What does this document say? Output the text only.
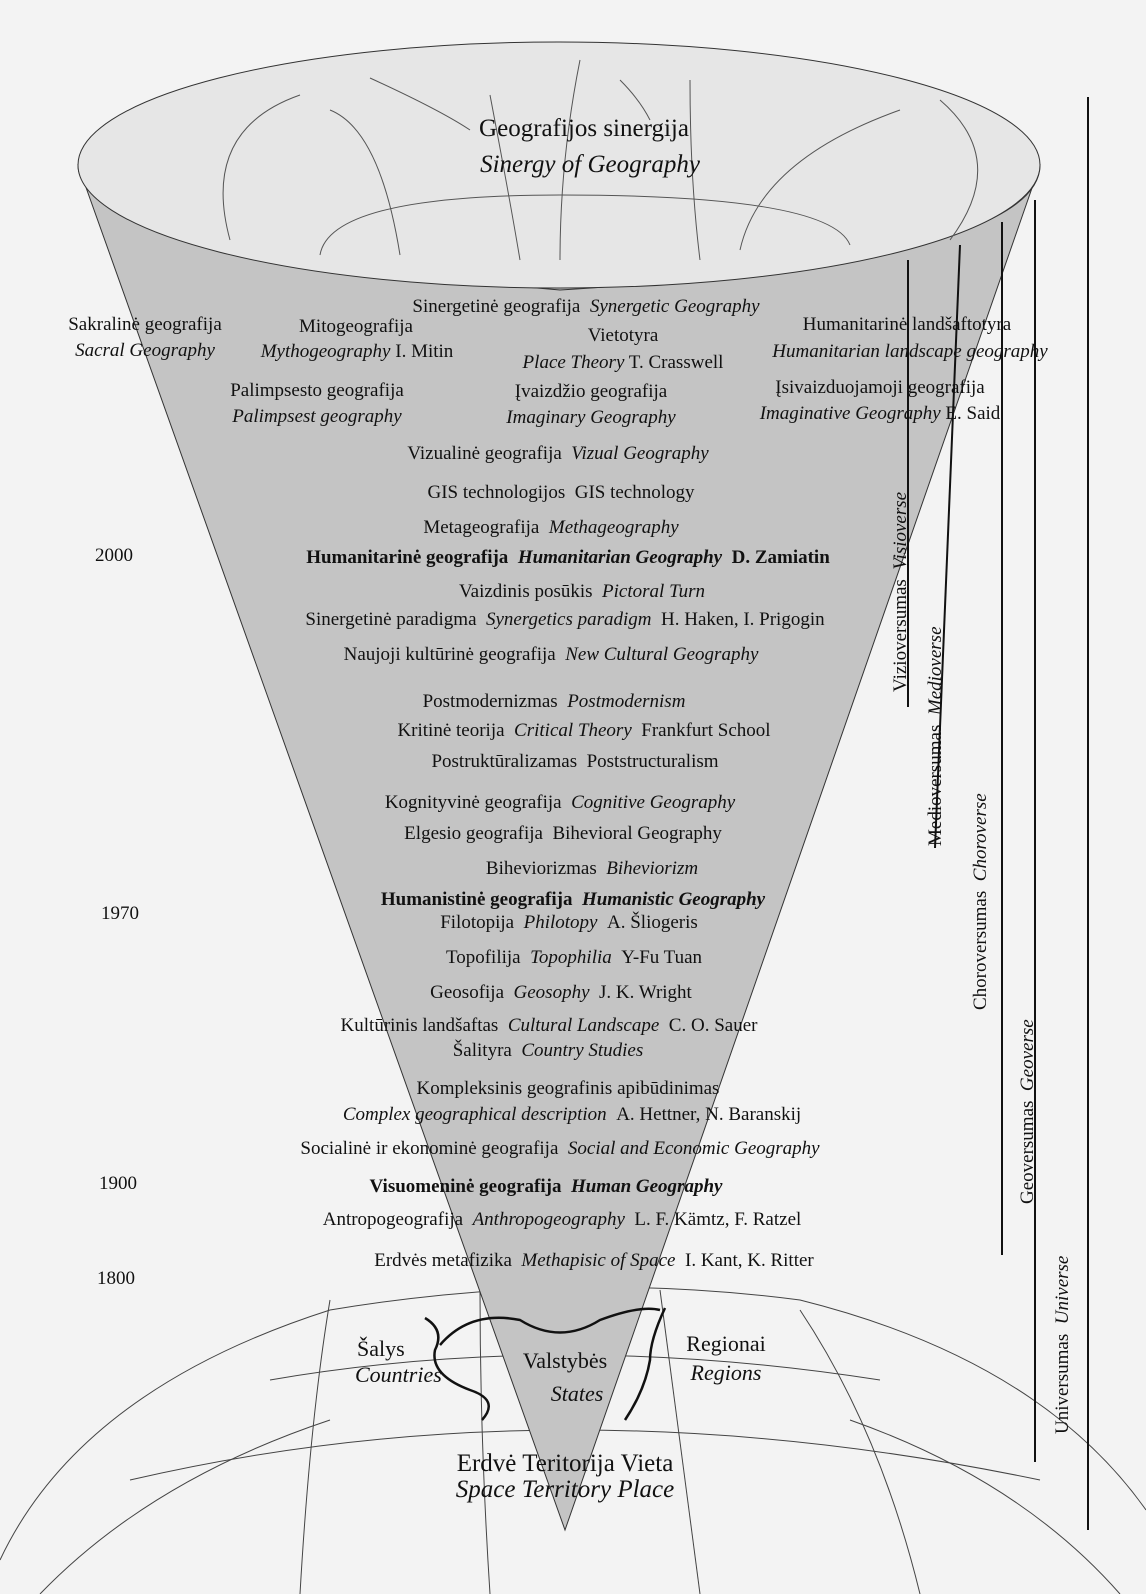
Geografijos sinergija
Sinergy of Geography
Sakralinė geografija
Sacral Geography
Mitogeografija
Mythogeography I. Mitin
Sinergetinė geografija Synergetic Geography
Vietotyra
Place Theory T. Crasswell
Humanitarinė landšaftotyra
Humanitarian landscape geography
Palimpsesto geografija
Palimpsest geography
Įvaizdžio geografija
Imaginary Geography
Įsivaizduojamoji geografija
Imaginative Geography E. Said
Vizualinė geografija Vizual Geography
GIS technologijos GIS technology
Metageografija Methageography
Humanitarinė geografija Humanitarian Geography D. Zamiatin
Vaizdinis posūkis Pictoral Turn
Sinergetinė paradigma Synergetics paradigm H. Haken, I. Prigogin
Naujoji kultūrinė geografija New Cultural Geography
Postmodernizmas Postmodernism
Kritinė teorija Critical Theory Frankfurt School
Postruktūralizamas Poststructuralism
Kognityvinė geografija Cognitive Geography
Elgesio geografija Bihevioral Geography
Biheviorizmas Biheviorizm
Humanistinė geografija Humanistic Geography
Filotopija Philotopy A. Šliogeris
Topofilija Topophilia Y-Fu Tuan
Geosofija Geosophy J. K. Wright
Kultūrinis landšaftas Cultural Landscape C. O. Sauer
Šalityra Country Studies
Kompleksinis geografinis apibūdinimas
Complex geographical description A. Hettner, N. Baranskij
Socialinė ir ekonominė geografija Social and Economic Geography
Visuomeninė geografija Human Geography
Antropogeografija Anthropogeography L. F. Kämtz, F. Ratzel
Erdvės metafizika Methapisic of Space I. Kant, K. Ritter
2000
1970
1900
1800
Šalys
Countries
Valstybės
States
Regionai
Regions
Erdvė Teritorija Vieta
Space Territory Place
Vizioversumas  Visioverse
Medioversumas  Medioverse
Choroversumas  Choroverse
Geoversumas  Geoverse
Universumas  Universe
